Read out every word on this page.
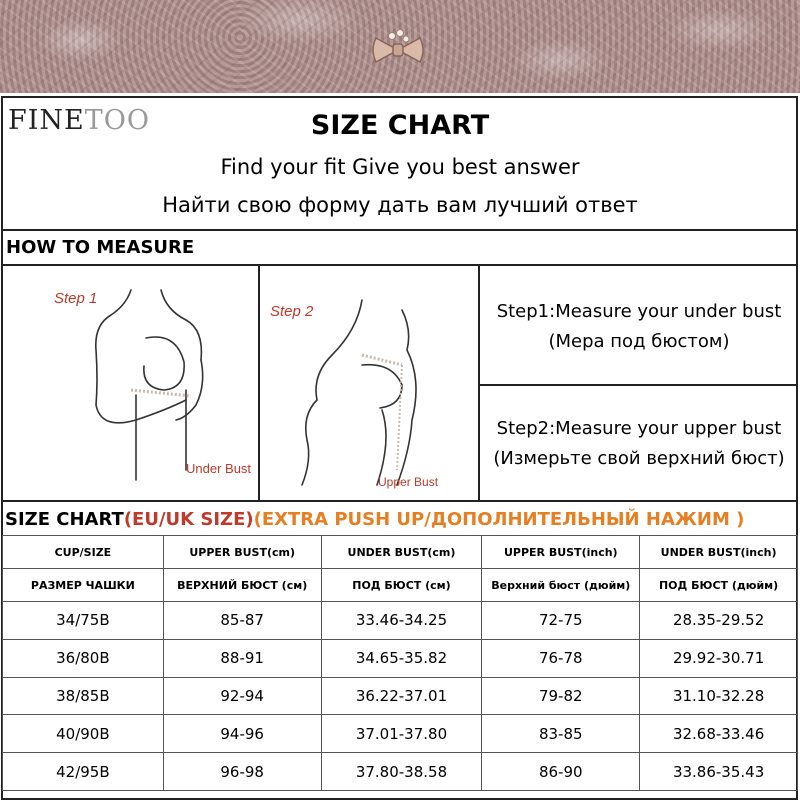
FINETOO	SIZE CHART
Find your fit Give you best answer
Найти свою форму дать вам лучший ответ
HOW TO MEASURE
Step 1
Under Bust
Step 2
Upper Bust
Step1:Measure your under bust
(Мера под бюстом)
Step2:Measure your upper bust
(Измерьте свой верхний бюст)
SIZE CHART(EU/UK SIZE)(EXTRA PUSH UP/ДОПОЛНИТЕЛЬНЫЙ НАЖИМ )
CUP/SIZE	UPPER BUST(cm)	UNDER BUST(cm)	UPPER BUST(inch)	UNDER BUST(inch)
РАЗМЕР ЧАШКИ	ВЕРХНИЙ БЮСТ (см)	ПОД БЮСТ (см)	Верхний бюст (дюйм)	ПОД БЮСТ (дюйм)
34/75B	85-87	33.46-34.25	72-75	28.35-29.52
36/80B	88-91	34.65-35.82	76-78	29.92-30.71
38/85B	92-94	36.22-37.01	79-82	31.10-32.28
40/90B	94-96	37.01-37.80	83-85	32.68-33.46
42/95B	96-98	37.80-38.58	86-90	33.86-35.43
